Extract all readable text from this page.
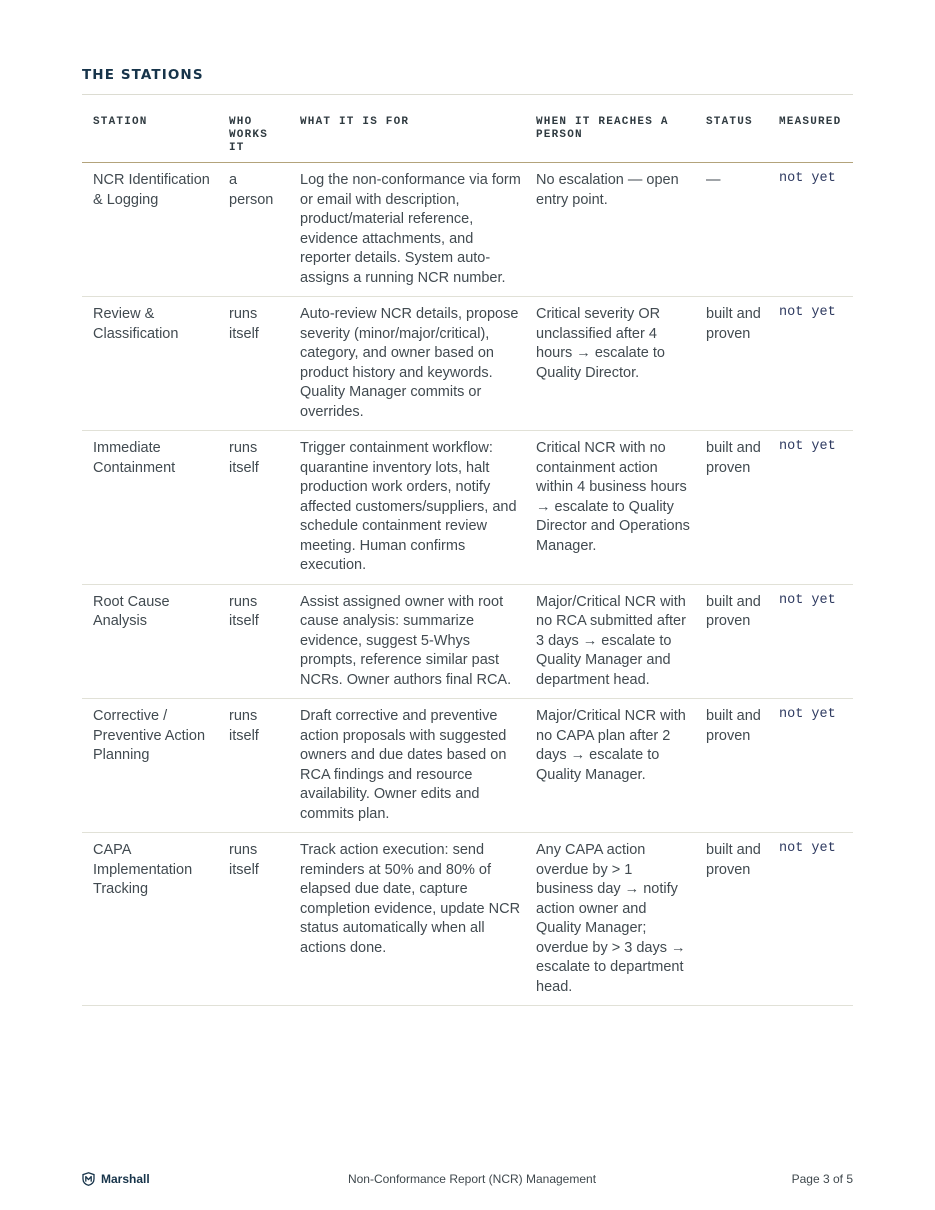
THE STATIONS
STATION	WHO WORKS IT	WHAT IT IS FOR	WHEN IT REACHES A PERSON	STATUS	MEASURED
NCR Identification & Logging	a person	Log the non-conformance via form or email with description, product/material reference, evidence attachments, and reporter details. System auto-assigns a running NCR number.	No escalation — open entry point.	—	not yet
Review & Classification	runs itself	Auto-review NCR details, propose severity (minor/major/critical), category, and owner based on product history and keywords. Quality Manager commits or overrides.	Critical severity OR unclassified after 4 hours → escalate to Quality Director.	built and proven	not yet
Immediate Containment	runs itself	Trigger containment workflow: quarantine inventory lots, halt production work orders, notify affected customers/suppliers, and schedule containment review meeting. Human confirms execution.	Critical NCR with no containment action within 4 business hours → escalate to Quality Director and Operations Manager.	built and proven	not yet
Root Cause Analysis	runs itself	Assist assigned owner with root cause analysis: summarize evidence, suggest 5-Whys prompts, reference similar past NCRs. Owner authors final RCA.	Major/Critical NCR with no RCA submitted after 3 days → escalate to Quality Manager and department head.	built and proven	not yet
Corrective / Preventive Action Planning	runs itself	Draft corrective and preventive action proposals with suggested owners and due dates based on RCA findings and resource availability. Owner edits and commits plan.	Major/Critical NCR with no CAPA plan after 2 days → escalate to Quality Manager.	built and proven	not yet
CAPA Implementation Tracking	runs itself	Track action execution: send reminders at 50% and 80% of elapsed due date, capture completion evidence, update NCR status automatically when all actions done.	Any CAPA action overdue by > 1 business day → notify action owner and Quality Manager; overdue by > 3 days → escalate to department head.	built and proven	not yet
Marshall	Non-Conformance Report (NCR) Management	Page 3 of 5
